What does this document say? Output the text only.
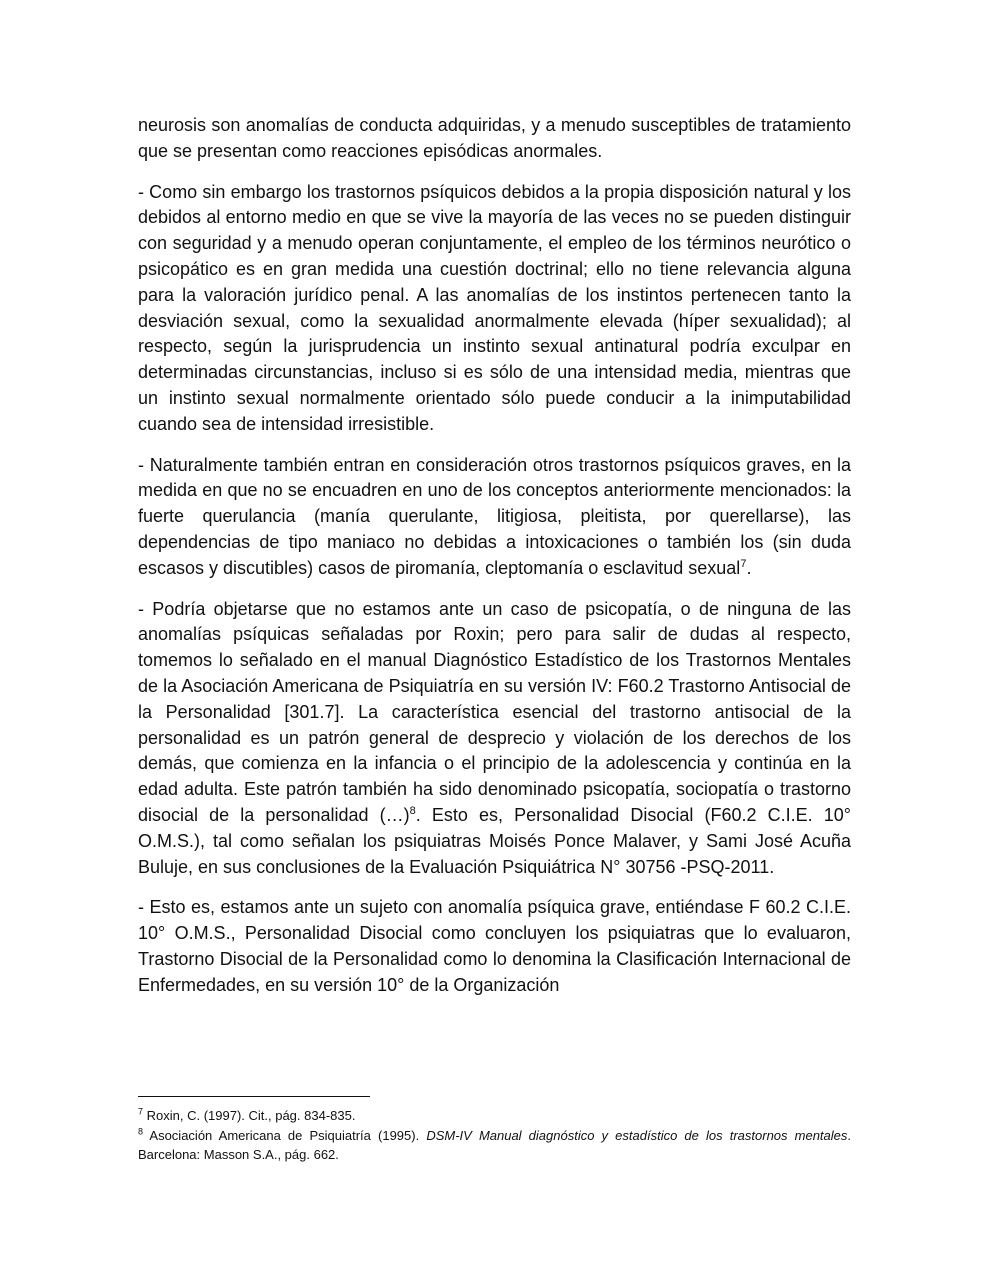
neurosis son anomalías de conducta adquiridas, y a menudo susceptibles de tratamiento que se presentan como reacciones episódicas anormales.

- Como sin embargo los trastornos psíquicos debidos a la propia disposición natural y los debidos al entorno medio en que se vive la mayoría de las veces no se pueden distinguir con seguridad y a menudo operan conjuntamente, el empleo de los términos neurótico o psicopático es en gran medida una cuestión doctrinal; ello no tiene relevancia alguna para la valoración jurídico penal. A las anomalías de los instintos pertenecen tanto la desviación sexual, como la sexualidad anormalmente elevada (híper sexualidad); al respecto, según la jurisprudencia un instinto sexual antinatural podría exculpar en determinadas circunstancias, incluso si es sólo de una intensidad media, mientras que un instinto sexual normalmente orientado sólo puede conducir a la inimputabilidad cuando sea de intensidad irresistible.

- Naturalmente también entran en consideración otros trastornos psíquicos graves, en la medida en que no se encuadren en uno de los conceptos anteriormente mencionados: la fuerte querulancia (manía querulante, litigiosa, pleitista, por querellarse), las dependencias de tipo maniaco no debidas a intoxicaciones o también los (sin duda escasos y discutibles) casos de piromanía, cleptomanía o esclavitud sexual$^7$.

- Podría objetarse que no estamos ante un caso de psicopatía, o de ninguna de las anomalías psíquicas señaladas por Roxin; pero para salir de dudas al respecto, tomemos lo señalado en el manual Diagnóstico Estadístico de los Trastornos Mentales de la Asociación Americana de Psiquiatría en su versión IV: F60.2 Trastorno Antisocial de la Personalidad [301.7]. La característica esencial del trastorno antisocial de la personalidad es un patrón general de desprecio y violación de los derechos de los demás, que comienza en la infancia o el principio de la adolescencia y continúa en la edad adulta. Este patrón también ha sido denominado psicopatía, sociopatía o trastorno disocial de la personalidad (…)$^8$. Esto es, Personalidad Disocial (F60.2 C.I.E. 10° O.M.S.), tal como señalan los psiquiatras Moisés Ponce Malaver, y Sami José Acuña Buluje, en sus conclusiones de la Evaluación Psiquiátrica N° 30756 -PSQ-2011.

- Esto es, estamos ante un sujeto con anomalía psíquica grave, entiéndase F 60.2 C.I.E. 10° O.M.S., Personalidad Disocial como concluyen los psiquiatras que lo evaluaron, Trastorno Disocial de la Personalidad como lo denomina la Clasificación Internacional de Enfermedades, en su versión 10° de la Organización

$^7$ Roxin, C. (1997). Cit., pág. 834-835.

$^8$ Asociación Americana de Psiquiatría (1995). DSM-IV Manual diagnóstico y estadístico de los trastornos mentales. Barcelona: Masson S.A., pág. 662.
